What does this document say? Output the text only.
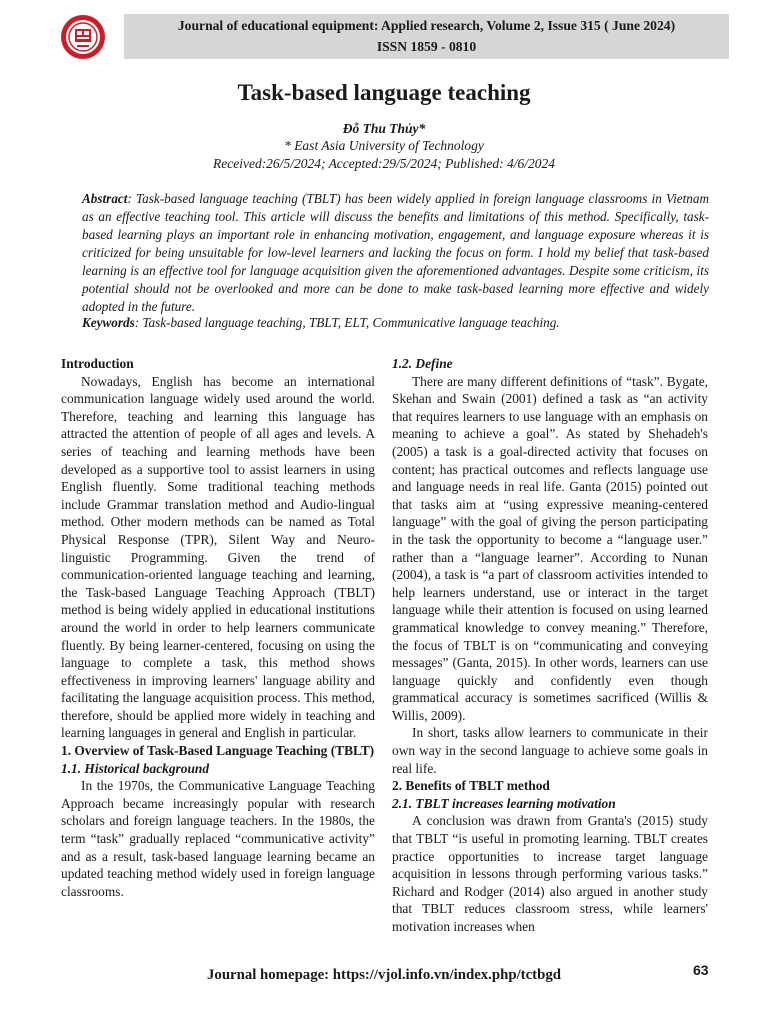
Journal of educational equipment: Applied research, Volume 2, Issue 315 ( June 2024)
ISSN 1859 - 0810
Task-based language teaching
Đỗ Thu Thủy*
* East Asia University of Technology
Received:26/5/2024; Accepted:29/5/2024; Published: 4/6/2024
Abstract: Task-based language teaching (TBLT) has been widely applied in foreign language classrooms in Vietnam as an effective teaching tool. This article will discuss the benefits and limitations of this method. Specifically, task-based learning plays an important role in enhancing motivation, engagement, and language exposure whereas it is criticized for being unsuitable for low-level learners and lacking the focus on form. I hold my belief that task-based learning is an effective tool for language acquisition given the aforementioned advantages. Despite some criticism, its potential should not be overlooked and more can be done to make task-based learning more effective and widely adopted in the future.
Keywords: Task-based language teaching, TBLT, ELT, Communicative language teaching.
Introduction

Nowadays, English has become an international communication language widely used around the world. Therefore, teaching and learning this language has attracted the attention of people of all ages and levels. A series of teaching and learning methods have been developed as a supportive tool to assist learners in using English fluently. Some traditional teaching methods include Grammar translation method and Audio-lingual method. Other modern methods can be named as Total Physical Response (TPR), Silent Way and Neuro-linguistic Programming. Given the trend of communication-oriented language teaching and learning, the Task-based Language Teaching Approach (TBLT) method is being widely applied in educational institutions around the world in order to help learners communicate fluently. By being learner-centered, focusing on using the language to complete a task, this method shows effectiveness in improving learners' language ability and facilitating the language acquisition process. This method, therefore, should be applied more widely in teaching and learning languages in general and English in particular.

1. Overview of Task-Based Language Teaching (TBLT)
1.1. Historical background

In the 1970s, the Communicative Language Teaching Approach became increasingly popular with research scholars and foreign language teachers. In the 1980s, the term “task” gradually replaced “communicative activity” and as a result, task-based language learning became an updated teaching method widely used in foreign language classrooms.

1.2. Define

There are many different definitions of “task”. Bygate, Skehan and Swain (2001) defined a task as “an activity that requires learners to use language with an emphasis on meaning to achieve a goal”. As stated by Shehadeh's (2005) a task is a goal-directed activity that focuses on content; has practical outcomes and reflects language use and language needs in real life. Ganta (2015) pointed out that tasks aim at “using expressive meaning-centered language” with the goal of giving the person participating in the task the opportunity to become a “language user.” rather than a “language learner”. According to Nunan (2004), a task is “a part of classroom activities intended to help learners understand, use or interact in the target language while their attention is focused on using learned grammatical knowledge to convey meaning.” Therefore, the focus of TBLT is on “communicating and conveying messages” (Ganta, 2015). In other words, learners can use language quickly and confidently even though grammatical accuracy is sometimes sacrificed (Willis & Willis, 2009).

In short, tasks allow learners to communicate in their own way in the second language to achieve some goals in real life.

2. Benefits of TBLT method
2.1. TBLT increases learning motivation

A conclusion was drawn from Granta's (2015) study that TBLT “is useful in promoting learning. TBLT creates practice opportunities to increase target language acquisition in lessons through performing various tasks.” Richard and Rodger (2014) also argued in another study that TBLT reduces classroom stress, while learners' motivation increases when

Journal homepage: https://vjol.info.vn/index.php/tctbgd	63
